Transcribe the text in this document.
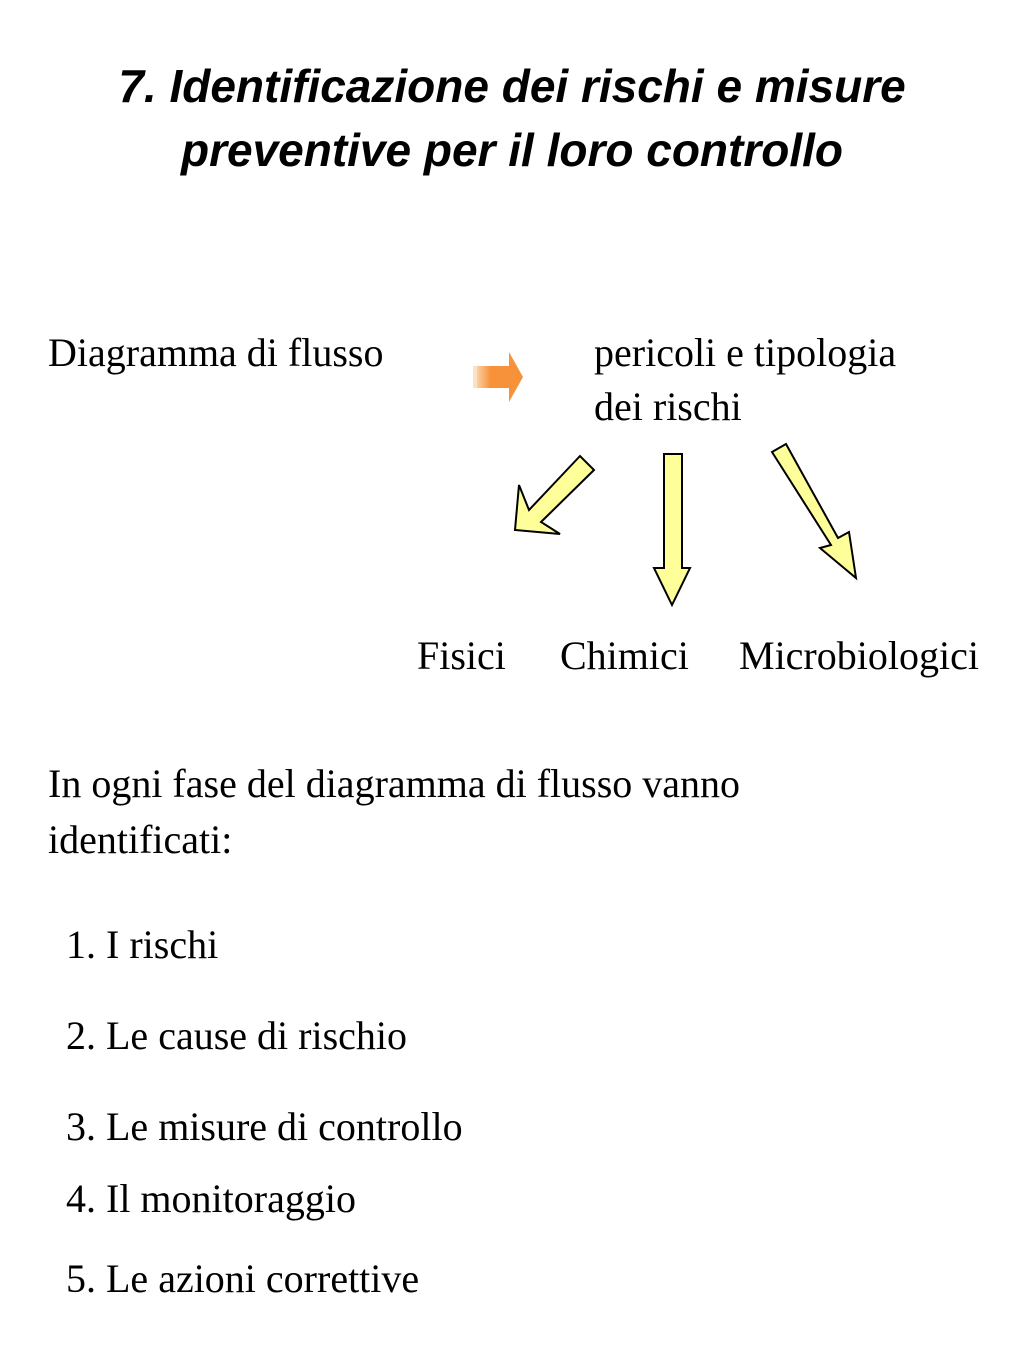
7. Identificazione dei rischi e misure
preventive per il loro controllo

Diagramma di flusso	pericoli e tipologia

dei rischi

Fisici Chimici Microbiologici

In ogni fase del diagramma di flusso vanno

identificati:

1. I rischi

2. Le cause di rischio

3. Le misure di controllo

4. Il monitoraggio

5. Le azioni correttive
